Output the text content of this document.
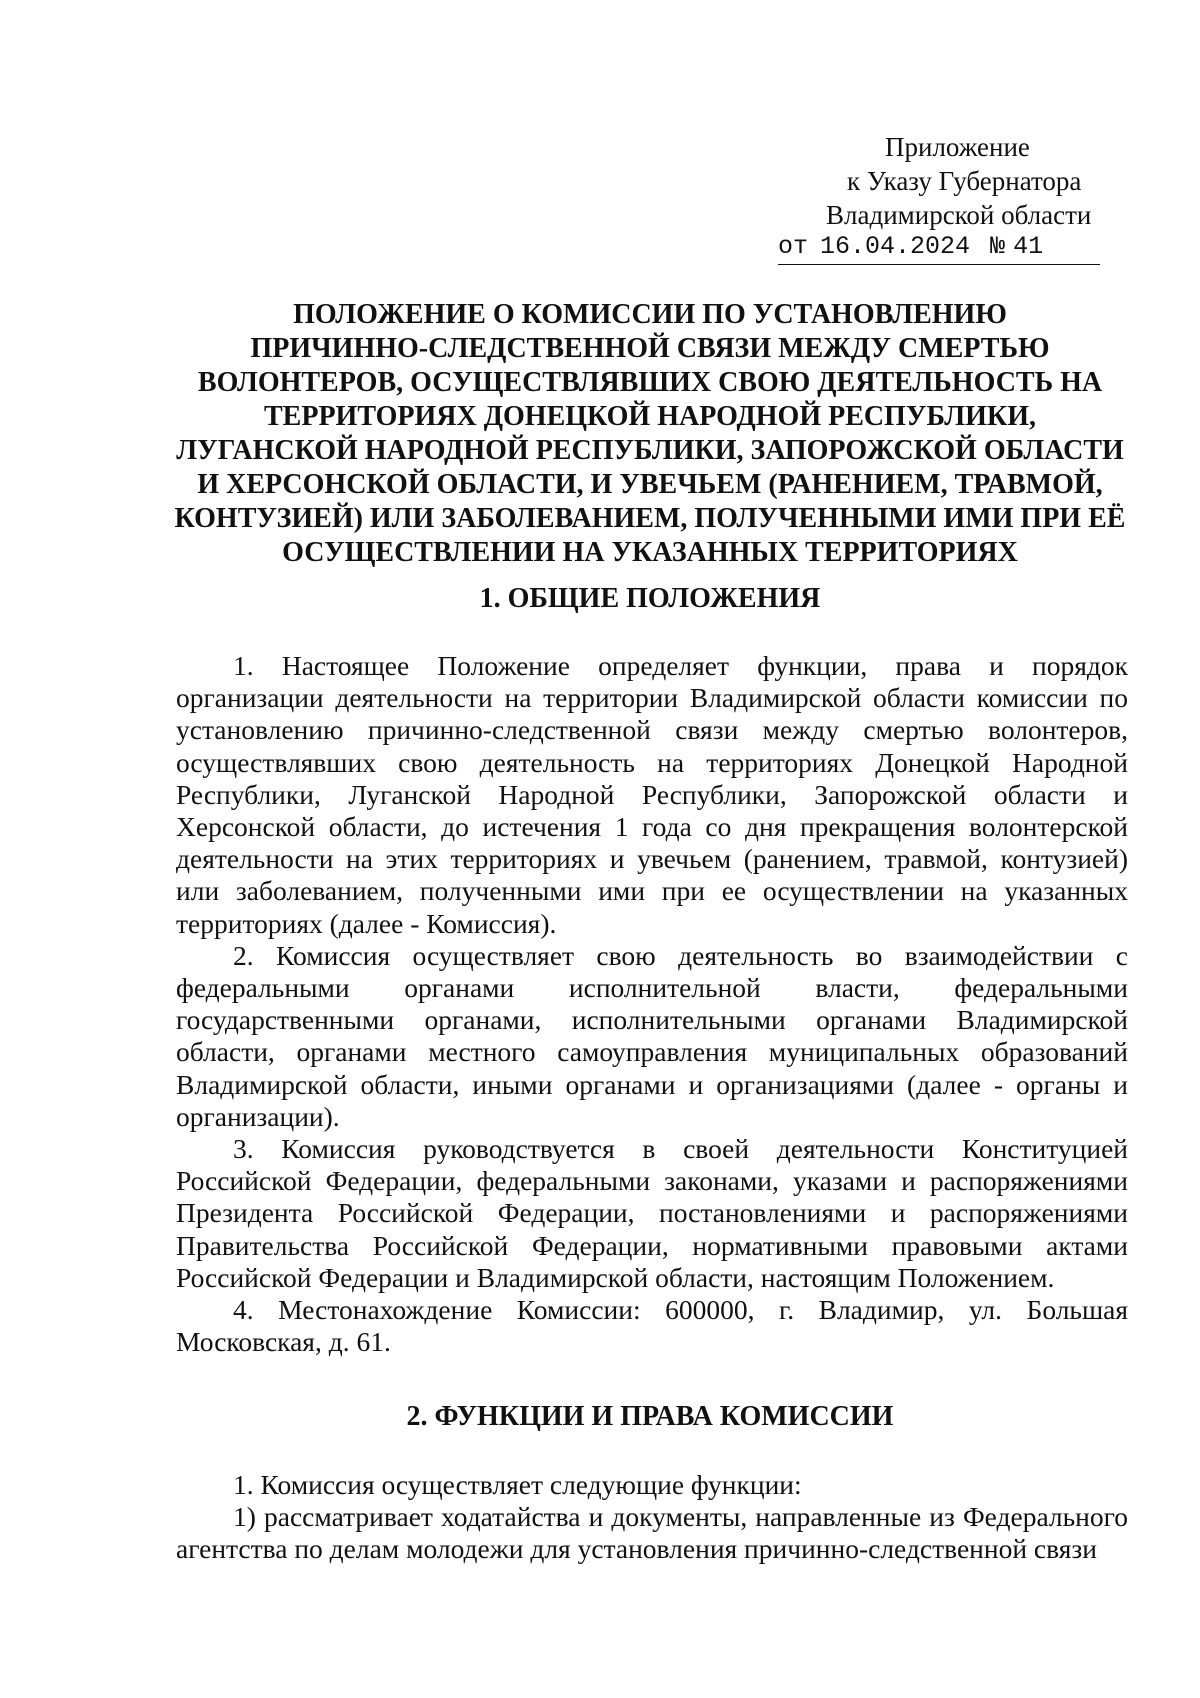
Приложение
к Указу Губернатора
Владимирской области
от 16.04.2024 № 41
ПОЛОЖЕНИЕ О КОМИССИИ ПО УСТАНОВЛЕНИЮ
ПРИЧИННО-СЛЕДСТВЕННОЙ СВЯЗИ МЕЖДУ СМЕРТЬЮ
ВОЛОНТЕРОВ, ОСУЩЕСТВЛЯВШИХ СВОЮ ДЕЯТЕЛЬНОСТЬ НА
ТЕРРИТОРИЯХ ДОНЕЦКОЙ НАРОДНОЙ РЕСПУБЛИКИ,
ЛУГАНСКОЙ НАРОДНОЙ РЕСПУБЛИКИ, ЗАПОРОЖСКОЙ ОБЛАСТИ
И ХЕРСОНСКОЙ ОБЛАСТИ, И УВЕЧЬЕМ (РАНЕНИЕМ, ТРАВМОЙ,
КОНТУЗИЕЙ) ИЛИ ЗАБОЛЕВАНИЕМ, ПОЛУЧЕННЫМИ ИМИ ПРИ ЕЁ
ОСУЩЕСТВЛЕНИИ НА УКАЗАННЫХ ТЕРРИТОРИЯХ
1. ОБЩИЕ ПОЛОЖЕНИЯ

1. Настоящее Положение определяет функции, права и порядок организации деятельности на территории Владимирской области комиссии по установлению причинно-следственной связи между смертью волонтеров, осуществлявших свою деятельность на территориях Донецкой Народной Республики, Луганской Народной Республики, Запорожской области и Херсонской области, до истечения 1 года со дня прекращения волонтерской деятельности на этих территориях и увечьем (ранением, травмой, контузией) или заболеванием, полученными ими при ее осуществлении на указанных территориях (далее - Комиссия).

2. Комиссия осуществляет свою деятельность во взаимодействии с федеральными органами исполнительной власти, федеральными государственными органами, исполнительными органами Владимирской области, органами местного самоуправления муниципальных образований Владимирской области, иными органами и организациями (далее - органы и организации).

3. Комиссия руководствуется в своей деятельности Конституцией Российской Федерации, федеральными законами, указами и распоряжениями Президента Российской Федерации, постановлениями и распоряжениями Правительства Российской Федерации, нормативными правовыми актами Российской Федерации и Владимирской области, настоящим Положением.

4. Местонахождение Комиссии: 600000, г. Владимир, ул. Большая Московская, д. 61.

2. ФУНКЦИИ И ПРАВА КОМИССИИ

1. Комиссия осуществляет следующие функции:

1) рассматривает ходатайства и документы, направленные из Федерального агентства по делам молодежи для установления причинно-следственной связи
